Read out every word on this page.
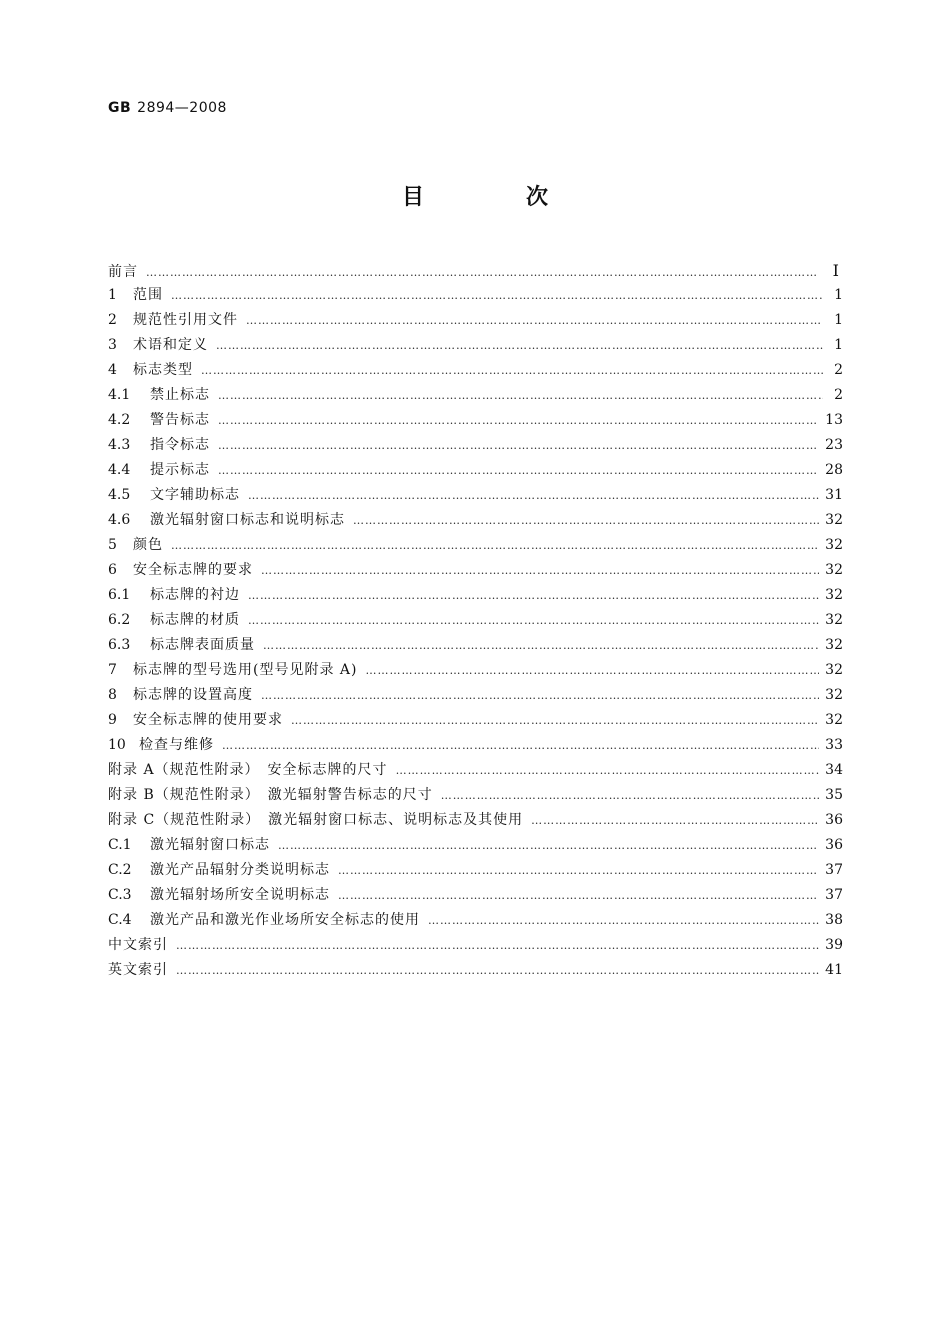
GB 2894—2008
目　次
前言 ……………………………………………………………………………………………………………………………………………………………………………………………………………………………………	Ⅰ
1	范围 ……………………………………………………………………………………………………………………………………………………………………………………………………………………………………	1
2	规范性引用文件 ……………………………………………………………………………………………………………………………………………………………………………………………………………………………………	1
3	术语和定义 ……………………………………………………………………………………………………………………………………………………………………………………………………………………………………	1
4	标志类型 ……………………………………………………………………………………………………………………………………………………………………………………………………………………………………	2
4.1	禁止标志 ……………………………………………………………………………………………………………………………………………………………………………………………………………………………………	2
4.2	警告标志 ……………………………………………………………………………………………………………………………………………………………………………………………………………………………………	13
4.3	指令标志 ……………………………………………………………………………………………………………………………………………………………………………………………………………………………………	23
4.4	提示标志 ……………………………………………………………………………………………………………………………………………………………………………………………………………………………………	28
4.5	文字辅助标志 ……………………………………………………………………………………………………………………………………………………………………………………………………………………………………	31
4.6	激光辐射窗口标志和说明标志 ……………………………………………………………………………………………………………………………………………………………………………………………………………………………………	32
5	颜色 ……………………………………………………………………………………………………………………………………………………………………………………………………………………………………	32
6	安全标志牌的要求 ……………………………………………………………………………………………………………………………………………………………………………………………………………………………………	32
6.1	标志牌的衬边 ……………………………………………………………………………………………………………………………………………………………………………………………………………………………………	32
6.2	标志牌的材质 ……………………………………………………………………………………………………………………………………………………………………………………………………………………………………	32
6.3	标志牌表面质量 ……………………………………………………………………………………………………………………………………………………………………………………………………………………………………	32
7	标志牌的型号选用(型号见附录 A) ……………………………………………………………………………………………………………………………………………………………………………………………………………………………………	32
8	标志牌的设置高度 ……………………………………………………………………………………………………………………………………………………………………………………………………………………………………	32
9	安全标志牌的使用要求 ……………………………………………………………………………………………………………………………………………………………………………………………………………………………………	32
10 检查与维修 ……………………………………………………………………………………………………………………………………………………………………………………………………………………………………	33
附录 A（规范性附录）　安全标志牌的尺寸 ……………………………………………………………………………………………………………………………………………………………………………………………………………………………………	34
附录 B（规范性附录）　激光辐射警告标志的尺寸 ……………………………………………………………………………………………………………………………………………………………………………………………………………………………………	35
附录 C（规范性附录）　激光辐射窗口标志、说明标志及其使用 ……………………………………………………………………………………………………………………………………………………………………………………………………………………………………	36
C.1	激光辐射窗口标志 ……………………………………………………………………………………………………………………………………………………………………………………………………………………………………	36
C.2	激光产品辐射分类说明标志 ……………………………………………………………………………………………………………………………………………………………………………………………………………………………………	37
C.3	激光辐射场所安全说明标志 ……………………………………………………………………………………………………………………………………………………………………………………………………………………………………	37
C.4	激光产品和激光作业场所安全标志的使用 ……………………………………………………………………………………………………………………………………………………………………………………………………………………………………	38
中文索引 ……………………………………………………………………………………………………………………………………………………………………………………………………………………………………	39
英文索引 ……………………………………………………………………………………………………………………………………………………………………………………………………………………………………	41
